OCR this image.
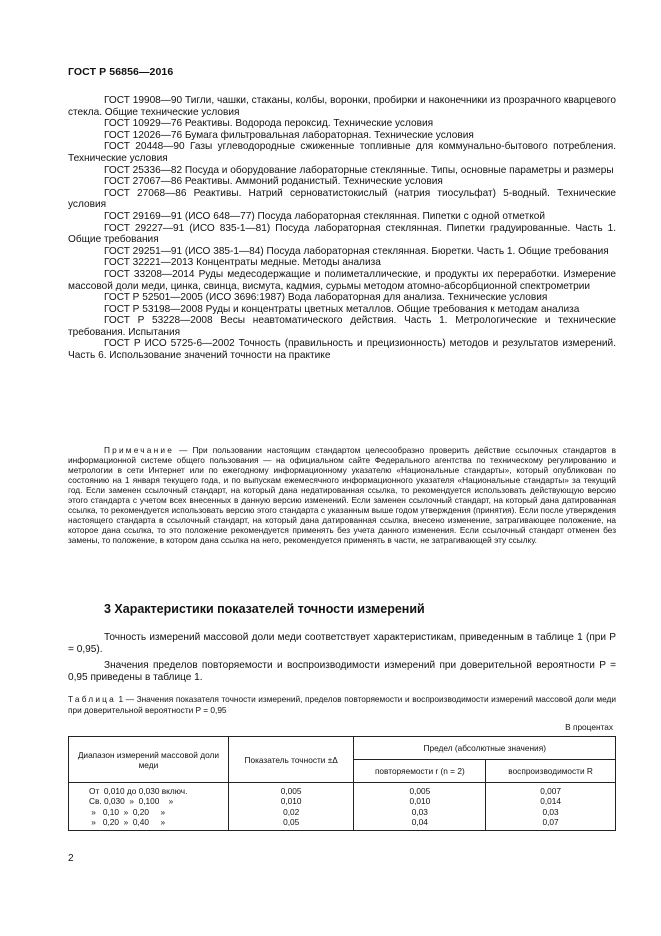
ГОСТ Р 56856—2016

ГОСТ 19908—90 Тигли, чашки, стаканы, колбы, воронки, пробирки и наконечники из прозрачного кварцевого стекла. Общие технические условия

ГОСТ 10929—76 Реактивы. Водорода пероксид. Технические условия

ГОСТ 12026—76 Бумага фильтровальная лабораторная. Технические условия

ГОСТ 20448—90 Газы углеводородные сжиженные топливные для коммунально-бытового потребления. Технические условия

ГОСТ 25336—82 Посуда и оборудование лабораторные стеклянные. Типы, основные параметры и размеры

ГОСТ 27067—86 Реактивы. Аммоний роданистый. Технические условия

ГОСТ 27068—86 Реактивы. Натрий серноватистокислый (натрия тиосульфат) 5-водный. Технические условия

ГОСТ 29169—91 (ИСО 648—77) Посуда лабораторная стеклянная. Пипетки с одной отметкой

ГОСТ 29227—91 (ИСО 835-1—81) Посуда лабораторная стеклянная. Пипетки градуированные. Часть 1. Общие требования

ГОСТ 29251—91 (ИСО 385-1—84) Посуда лабораторная стеклянная. Бюретки. Часть 1. Общие требования

ГОСТ 32221—2013 Концентраты медные. Методы анализа

ГОСТ 33208—2014 Руды медесодержащие и полиметаллические, и продукты их переработки. Измерение массовой доли меди, цинка, свинца, висмута, кадмия, сурьмы методом атомно-абсорбционной спектрометрии

ГОСТ Р 52501—2005 (ИСО 3696:1987) Вода лабораторная для анализа. Технические условия

ГОСТ Р 53198—2008 Руды и концентраты цветных металлов. Общие требования к методам анализа

ГОСТ Р 53228—2008 Весы неавтоматического действия. Часть 1. Метрологические и технические требования. Испытания

ГОСТ Р ИСО 5725-6—2002 Точность (правильность и прецизионность) методов и результатов измерений. Часть 6. Использование значений точности на практике

Примечание — При пользовании настоящим стандартом целесообразно проверить действие ссылочных стандартов в информационной системе общего пользования — на официальном сайте Федерального агентства по техническому регулированию и метрологии в сети Интернет или по ежегодному информационному указателю «Национальные стандарты», который опубликован по состоянию на 1 января текущего года, и по выпускам ежемесячного информационного указателя «Национальные стандарты» за текущий год. Если заменен ссылочный стандарт, на который дана недатированная ссылка, то рекомендуется использовать действующую версию этого стандарта с учетом всех внесенных в данную версию изменений. Если заменен ссылочный стандарт, на который дана датированная ссылка, то рекомендуется использовать версию этого стандарта с указанным выше годом утверждения (принятия). Если после утверждения настоящего стандарта в ссылочный стандарт, на который дана датированная ссылка, внесено изменение, затрагивающее положение, на которое дана ссылка, то это положение рекомендуется применять без учета данного изменения. Если ссылочный стандарт отменен без замены, то положение, в котором дана ссылка на него, рекомендуется применять в части, не затрагивающей эту ссылку.

3 Характеристики показателей точности измерений

Точность измерений массовой доли меди соответствует характеристикам, приведенным в таблице 1 (при P = 0,95).

Значения пределов повторяемости и воспроизводимости измерений при доверительной вероятности P = 0,95 приведены в таблице 1.

Таблица 1 — Значения показателя точности измерений, пределов повторяемости и воспроизводимости измерений массовой доли меди при доверительной вероятности P = 0,95

В процентах
Диапазон измерений массовой доли меди	Показатель точности ±Δ	Предел (абсолютные значения)	
		повторяемости r (n = 2)	воспроизводимости R
От  0,010 до 0,030 включ.	0,005	0,005	0,007
Св. 0,030  »  0,100    »	0,010	0,010	0,014
»   0,10  »  0,20     »	0,02	0,03	0,03
»   0,20  »  0,40     »	0,05	0,04	0,07
2
